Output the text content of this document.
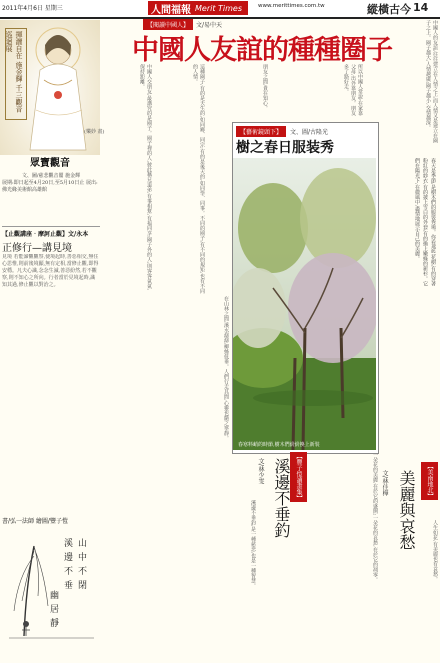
2011年4月6日 星期三	人間福報 Merit Times	www.merittimes.com.tw	縱橫古今 14
揮灑自在 施金輝 千三觀音巡迴展
(樂妙 畫)
眾寶觀音
文、圖/慈悲觀音閣 施金輝
展期:即日起至4月20日,至5月10日止 展出:佛光緣美術館高雄館
【止觀講座‧摩訶止觀】文/永本
正修行—講見境
見境 若能諦觀觀察,使境起時,善惡相交,無住心思惟,則前後境顯,無有定相,當修止觀,即得安穩。凡夫心識,念念生滅,善惡紛然,若不觀察,則不知心之所向。行者當於見境起時,識知其過,修止觀以對治之。
書/弘一法師 繪圖/豐子愷
溪
邊
不
垂
山
中
不
閉
幽
居
靜
【閱讀中國人】	文/易中天
中國人友誼的種種圈子
中國人交朋友,最講究的是圈子。圈子裡的人,彼此稱兄道弟,有事相幫,有福同享;圈子外的人,則客客氣氣,保持距離。	這種圈子,有的是天生的,如同鄉、同宗;有的是後天的,如同學、同事。不同的圈子,有不同的規矩,也有不同的人情。	朋友之間,貴在知心。	所以中國人常說:在家靠父母,出外靠朋友。朋友多了路好走。	中國人的友誼,往往建立在人情之上,而人情又是建立在圈子之上。圈子越大,人情越廣;圈子越小,交情越深。
【藝術鏡頭下】	文、圖/古隆光
樹之春日服装秀
春寒料峭的時節,樹木們紛紛換上新裝
春天是季節,是樹木們的服裝秀場。你看那些花樹,有的穿著粉紅的紗衣,有的披上雪白的外套,有的換上嫩綠的新衫。它們在陽光下,在微風中,盡情地展示自己的美麗。
在山林之間,溪水潺潺,柳絲低垂。人們行走其間,心靈也隨之寧靜。
【豐子愷讀畫集】
溪邊不垂釣
文/林少雯
溪邊不垂釣,是一種慈悲,也是一種智慧。	一朵花的美麗,在於它的盛開;一朵花的哀愁,在於它的凋零。	【美南地北】
美麗與哀愁
文/林佳樺
人生如花,有美麗也有哀愁。
